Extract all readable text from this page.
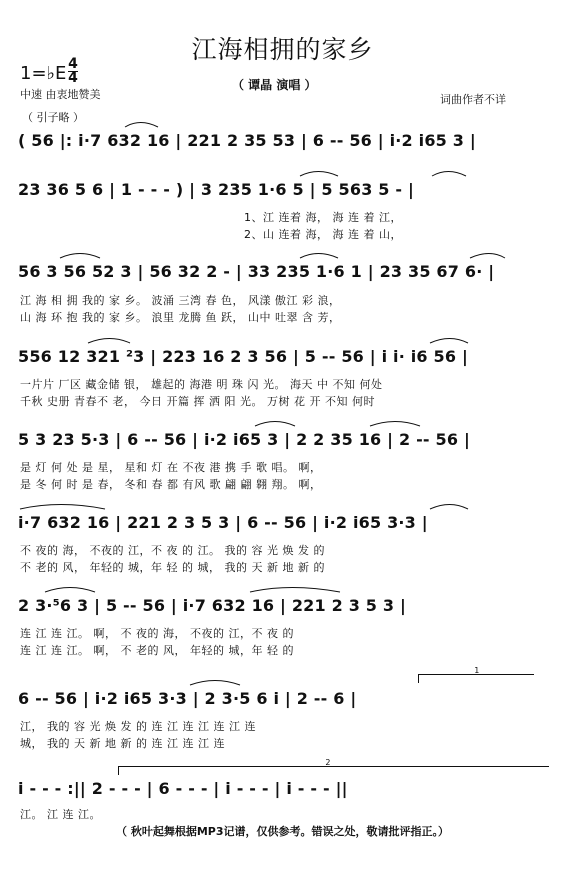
江海相拥的家乡
1=♭E 4
4
中速 由衷地赞美
（ 谭晶 演唱 ）
词曲作者不详
（ 引子略 ）
( 56 |: i·7 632 16 | 221 2 35 53 | 6 -- 56 | i·2 i65 3 |
23 36 5 6 | 1 - - - ) | 3 235 1·6 5 | 5 563 5 - |
1、江 连着 海， 海 连 着 江，
2、山 连着 海， 海 连 着 山，
56 3 56 52 3 | 56 32 2 - | 33 235 1·6 1 | 23 35 67 6· |
江 海 相 拥 我的 家 乡。 波涌 三湾 春 色， 风漾 傲江 彩 浪，
山 海 环 抱 我的 家 乡。 浪里 龙腾 鱼 跃， 山中 吐翠 含 芳，
556 12 321 ²3 | 223 16 2 3 56 | 5 -- 56 | i i· i6 56 |
一片片 厂区 藏金储 银， 雄起的 海港 明 珠 闪 光。 海天 中 不知 何处
千秋 史册 青春不 老， 今日 开篇 挥 洒 阳 光。 万树 花 开 不知 何时
5 3 23 5·3 | 6 -- 56 | i·2 i65 3 | 2 2 35 16 | 2 -- 56 |
是 灯 何 处 是 星， 星和 灯 在 不夜 港 携 手 歌 唱。 啊，
是 冬 何 时 是 春， 冬和 春 都 有风 歌 翩 翩 翱 翔。 啊，
i·7 632 16 | 221 2 3 5 3 | 6 -- 56 | i·2 i65 3·3 |
不 夜的 海， 不夜的 江，不 夜 的 江。 我的 容 光 焕 发 的
不 老的 风， 年轻的 城，年 轻 的 城， 我的 天 新 地 新 的
2 3·⁵6 3 | 5 -- 56 | i·7 632 16 | 221 2 3 5 3 |
连 江 连 江。 啊， 不 夜的 海， 不夜的 江，不 夜 的
连 江 连 江。 啊， 不 老的 风， 年轻的 城，年 轻 的
1
6 -- 56 | i·2 i65 3·3 | 2 3·5 6 i | 2 -- 6 |
江， 我的 容 光 焕 发 的 连 江 连 江 连 江 连
城， 我的 天 新 地 新 的 连 江 连 江 连
2
i - - - :|| 2 - - - | 6 - - - | i - - - | i - - - ||
江。 江 连 江。
（ 秋叶起舞根据MP3记谱，仅供参考。错误之处，敬请批评指正。）
